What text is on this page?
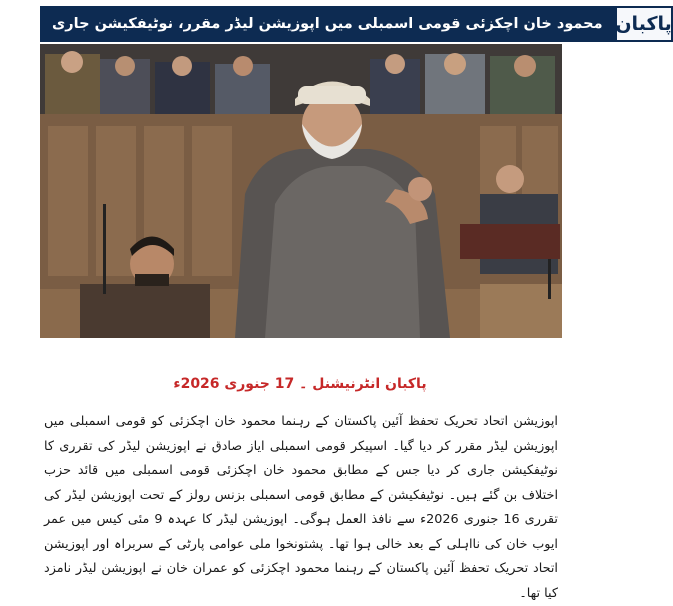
محمود خان اچکزئی قومی اسمبلی میں اپوزیشن لیڈر مقرر، نوٹیفکیشن جاری پاکبان
پاکبان انٹرنیشنل ۔ 17 جنوری 2026ء

اپوزیشن اتحاد تحریک تحفظ آئین پاکستان کے رہنما محمود خان اچکزئی کو قومی اسمبلی میں اپوزیشن لیڈر مقرر کر دیا گیا۔ اسپیکر قومی اسمبلی ایاز صادق نے اپوزیشن لیڈر کی تقرری کا نوٹیفکیشن جاری کر دیا جس کے مطابق محمود خان اچکزئی قومی اسمبلی میں قائد حزب اختلاف بن گئے ہیں۔ نوٹیفکیشن کے مطابق قومی اسمبلی بزنس رولز کے تحت اپوزیشن لیڈر کی تقرری 16 جنوری 2026ء سے نافذ العمل ہوگی۔ اپوزیشن لیڈر کا عہدہ 9 مئی کیس میں عمر ایوب خان کی نااہلی کے بعد خالی ہوا تھا۔ پشتونخوا ملی عوامی پارٹی کے سربراہ اور اپوزیشن اتحاد تحریک تحفظ آئین پاکستان کے رہنما محمود اچکزئی کو عمران خان نے اپوزیشن لیڈر نامزد کیا تھا۔
